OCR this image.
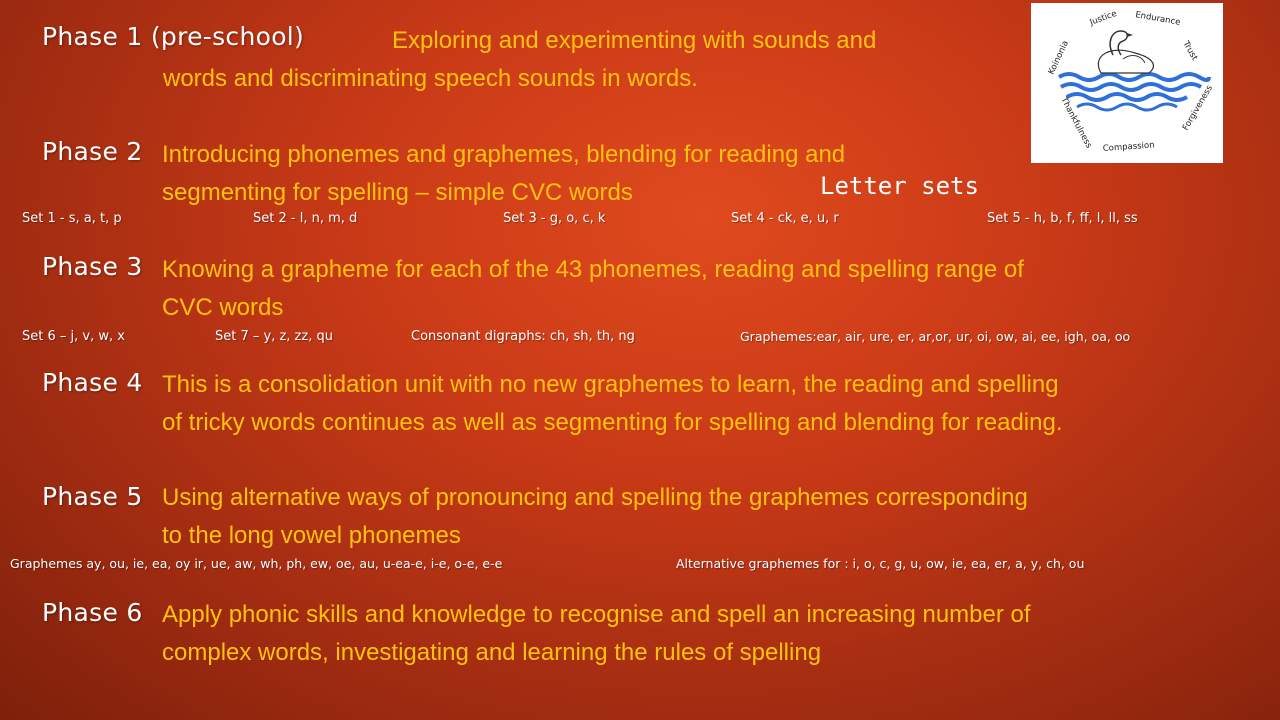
Phase 1 (pre-school)	Exploring and experimenting with sounds and
words and discriminating speech sounds in words.
Phase 2 Introducing phonemes and graphemes, blending for reading and
segmenting for spelling – simple CVC words	Letter sets
Set 1 - s, a, t, p	Set 2 - l, n, m, d	Set 3 - g, o, c, k	Set 4 - ck, e, u, r	Set 5 - h, b, f, ff, l, ll, ss
Phase 3 Knowing a grapheme for each of the 43 phonemes, reading and spelling range of
CVC words
Set 6 – j, v, w, x	Set 7 – y, z, zz, qu	Consonant digraphs: ch, sh, th, ng	Graphemes:ear, air, ure, er, ar,or, ur, oi, ow, ai, ee, igh, oa, oo
Phase 4 This is a consolidation unit with no new graphemes to learn, the reading and spelling
of tricky words continues as well as segmenting for spelling and blending for reading.
Phase 5 Using alternative ways of pronouncing and spelling the graphemes corresponding
to the long vowel phonemes
Graphemes ay, ou, ie, ea, oy ir, ue, aw, wh, ph, ew, oe, au, u-ea-e, i-e, o-e, e-e	Alternative graphemes for : i, o, c, g, u, ow, ie, ea, er, a, y, ch, ou
Phase 6 Apply phonic skills and knowledge to recognise and spell an increasing number of
complex words, investigating and learning the rules of spelling
Koinonia
Justice Endurance
Trust
Forgiveness
Compassion
Thankfulness
